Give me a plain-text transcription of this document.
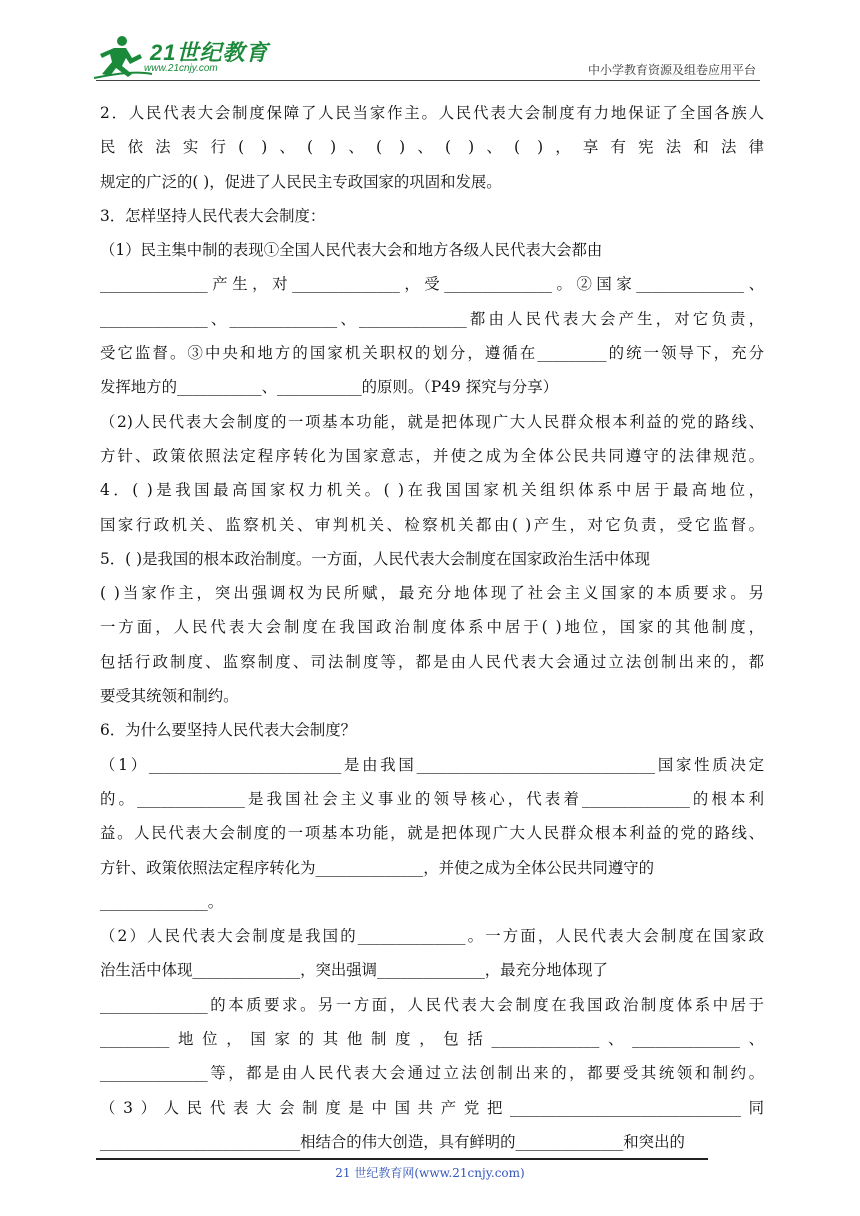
21世纪教育
www.21cnjy.com	中小学教育资源及组卷应用平台
2．人民代表大会制度保障了人民当家作主。人民代表大会制度有力地保证了全国各族人
民依法实行( )、( )、( )、( )、( )，享有宪法和法律
规定的广泛的( )，促进了人民民主专政国家的巩固和发展。
3．怎样坚持人民代表大会制度：
（1）民主集中制的表现①全国人民代表大会和地方各级人民代表大会都由
______________产生，对______________，受______________。②国家______________、
______________、______________、______________都由人民代表大会产生，对它负责，
受它监督。③中央和地方的国家机关职权的划分，遵循在_________的统一领导下，充分
发挥地方的___________、___________的原则。（P49 探究与分享）
（2)人民代表大会制度的一项基本功能，就是把体现广大人民群众根本利益的党的路线、
方针、政策依照法定程序转化为国家意志，并使之成为全体公民共同遵守的法律规范。
4．( )是我国最高国家权力机关。( )在我国国家机关组织体系中居于最高地位，
国家行政机关、监察机关、审判机关、检察机关都由( )产生，对它负责，受它监督。
5．( )是我国的根本政治制度。一方面，人民代表大会制度在国家政治生活中体现
( )当家作主，突出强调权为民所赋，最充分地体现了社会主义国家的本质要求。另
一方面，人民代表大会制度在我国政治制度体系中居于( )地位，国家的其他制度，
包括行政制度、监察制度、司法制度等，都是由人民代表大会通过立法创制出来的，都
要受其统领和制约。
6．为什么要坚持人民代表大会制度？
（1）_________________________是由我国_______________________________国家性质决定
的。______________是我国社会主义事业的领导核心，代表着______________的根本利
益。人民代表大会制度的一项基本功能，就是把体现广大人民群众根本利益的党的路线、
方针、政策依照法定程序转化为______________，并使之成为全体公民共同遵守的
______________。
（2）人民代表大会制度是我国的______________。一方面，人民代表大会制度在国家政
治生活中体现______________，突出强调______________，最充分地体现了
______________的本质要求。另一方面，人民代表大会制度在我国政治制度体系中居于
_________地位，国家的其他制度，包括______________、______________、
______________等，都是由人民代表大会通过立法创制出来的，都要受其统领和制约。
（3）人民代表大会制度是中国共产党把______________________________同
__________________________相结合的伟大创造，具有鲜明的______________和突出的
21 世纪教育网(www.21cnjy.com)
